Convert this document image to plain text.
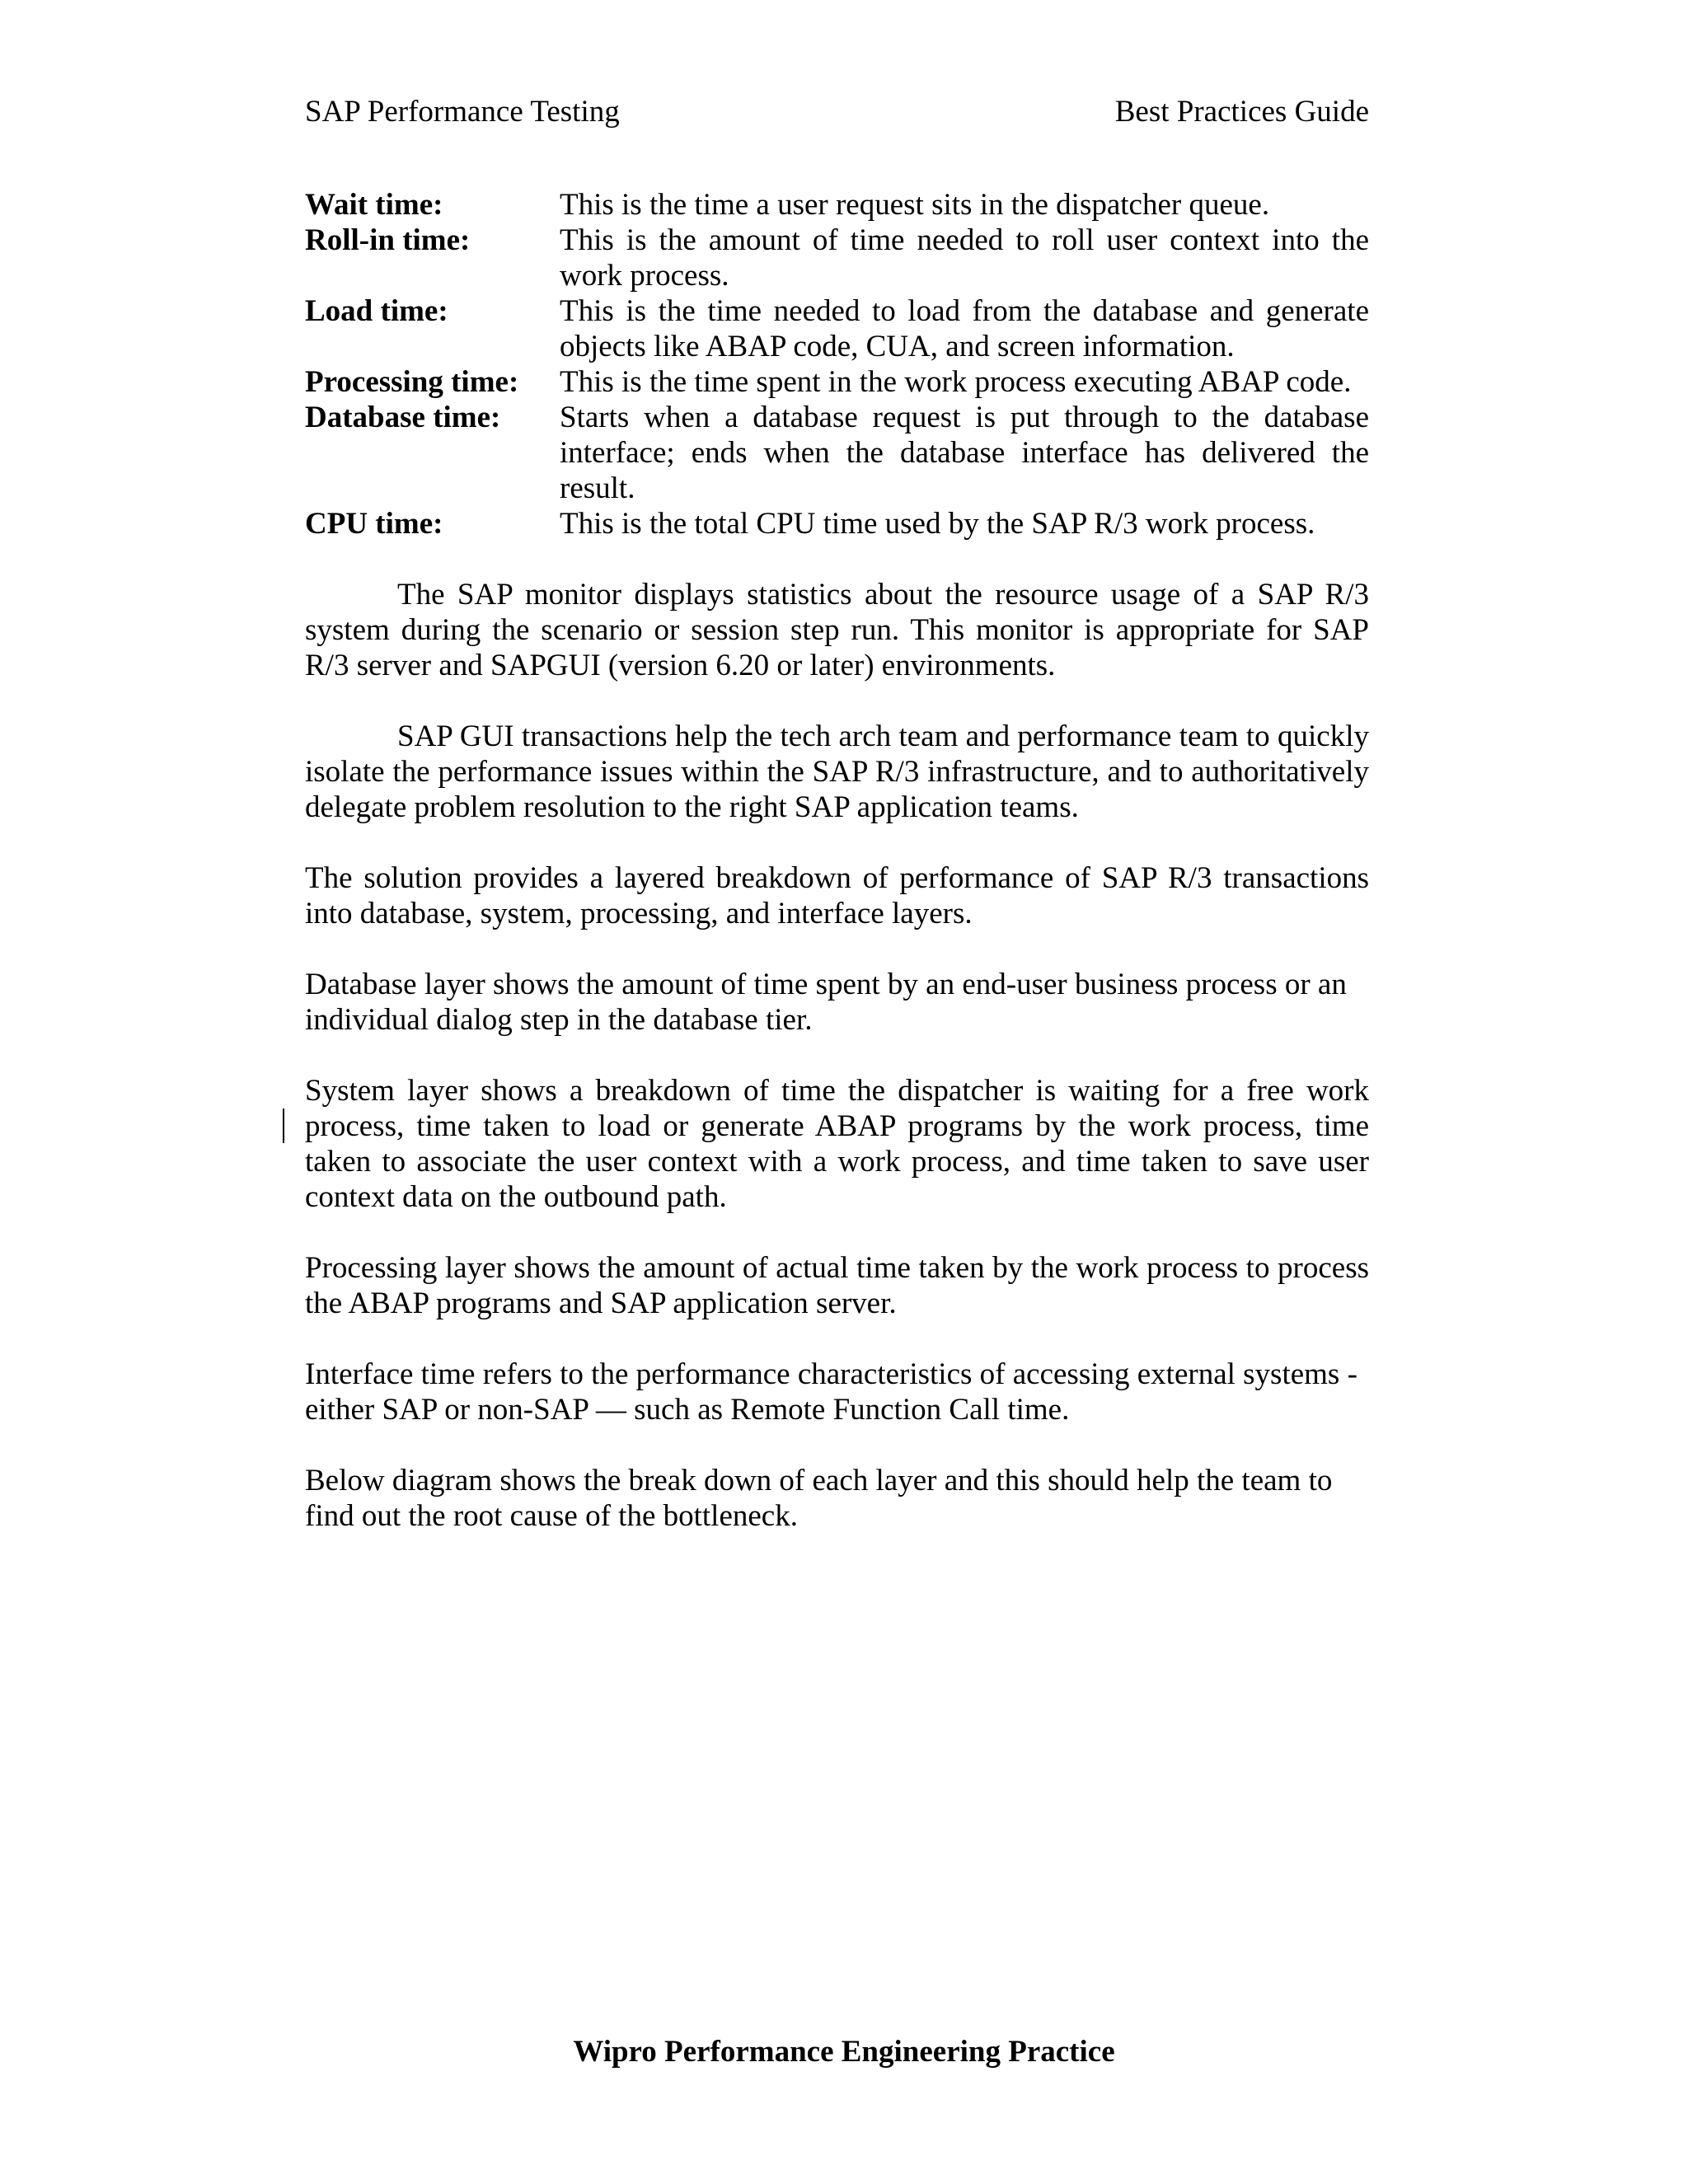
SAP Performance Testing	Best Practices Guide
Wait time:	This is the time a user request sits in the dispatcher queue.
Roll-in time:	This is the amount of time needed to roll user context into the work process.
Load time:	This is the time needed to load from the database and generate objects like ABAP code, CUA, and screen information.
Processing time:	This is the time spent in the work process executing ABAP code.
Database time:	Starts when a database request is put through to the database interface; ends when the database interface has delivered the result.
CPU time:	This is the total CPU time used by the SAP R/3 work process.

The SAP monitor displays statistics about the resource usage of a SAP R/3 system during the scenario or session step run. This monitor is appropriate for SAP R/3 server and SAPGUI (version 6.20 or later) environments.

SAP GUI transactions help the tech arch team and performance team to quickly isolate the performance issues within the SAP R/3 infrastructure, and to authoritatively delegate problem resolution to the right SAP application teams.

The solution provides a layered breakdown of performance of SAP R/3 transactions into database, system, processing, and interface layers.

Database layer shows the amount of time spent by an end-user business process or an individual dialog step in the database tier.

System layer shows a breakdown of time the dispatcher is waiting for a free work process, time taken to load or generate ABAP programs by the work process, time taken to associate the user context with a work process, and time taken to save user context data on the outbound path.

Processing layer shows the amount of actual time taken by the work process to process the ABAP programs and SAP application server.

Interface time refers to the performance characteristics of accessing external systems - either SAP or non-SAP — such as Remote Function Call time.

Below diagram shows the break down of each layer and this should help the team to find out the root cause of the bottleneck.

Wipro Performance Engineering Practice
